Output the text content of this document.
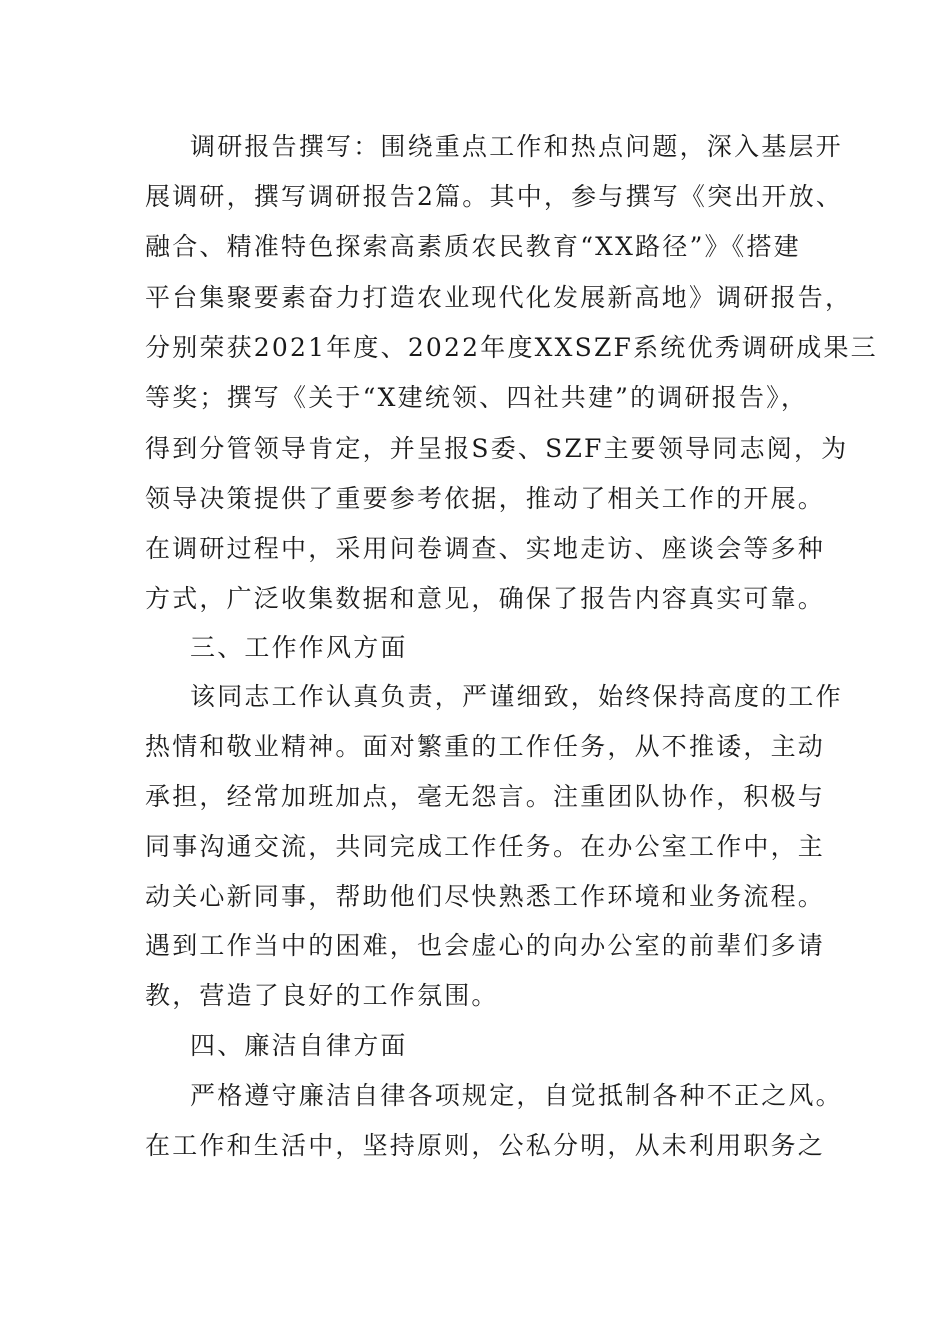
调研报告撰写：围绕重点工作和热点问题，深入基层开
展调研，撰写调研报告2篇。其中，参与撰写《突出开放、
融合、精准特色探索高素质农民教育“XX路径”》《搭建
平台集聚要素奋力打造农业现代化发展新高地》调研报告，
分别荣获2021年度、2022年度XXSZF系统优秀调研成果三
等奖；撰写《关于“X建统领、四社共建”的调研报告》，
得到分管领导肯定，并呈报S委、SZF主要领导同志阅，为
领导决策提供了重要参考依据，推动了相关工作的开展。
在调研过程中，采用问卷调查、实地走访、座谈会等多种
方式，广泛收集数据和意见，确保了报告内容真实可靠。
三、工作作风方面
该同志工作认真负责，严谨细致，始终保持高度的工作
热情和敬业精神。面对繁重的工作任务，从不推诿，主动
承担，经常加班加点，毫无怨言。注重团队协作，积极与
同事沟通交流，共同完成工作任务。在办公室工作中，主
动关心新同事，帮助他们尽快熟悉工作环境和业务流程。
遇到工作当中的困难，也会虚心的向办公室的前辈们多请
教，营造了良好的工作氛围。
四、廉洁自律方面
严格遵守廉洁自律各项规定，自觉抵制各种不正之风。
在工作和生活中，坚持原则，公私分明，从未利用职务之
